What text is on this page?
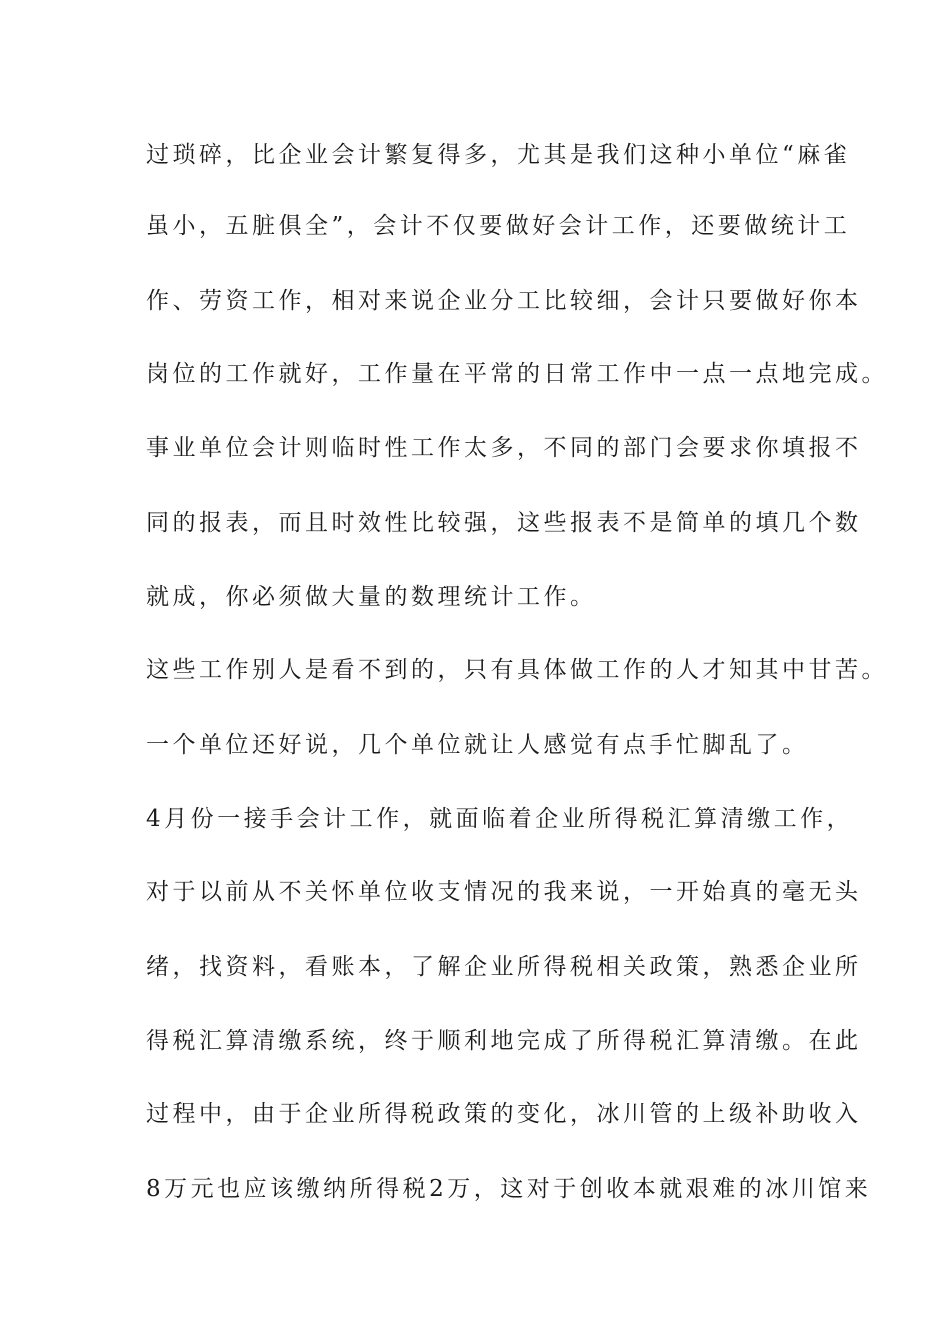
过琐碎，比企业会计繁复得多，尤其是我们这种小单位“麻雀
虽小，五脏俱全”，会计不仅要做好会计工作，还要做统计工
作、劳资工作，相对来说企业分工比较细，会计只要做好你本
岗位的工作就好，工作量在平常的日常工作中一点一点地完成。
事业单位会计则临时性工作太多，不同的部门会要求你填报不
同的报表，而且时效性比较强，这些报表不是简单的填几个数
就成，你必须做大量的数理统计工作。
这些工作别人是看不到的，只有具体做工作的人才知其中甘苦。
一个单位还好说，几个单位就让人感觉有点手忙脚乱了。
4月份一接手会计工作，就面临着企业所得税汇算清缴工作，
对于以前从不关怀单位收支情况的我来说，一开始真的毫无头
绪，找资料，看账本，了解企业所得税相关政策，熟悉企业所
得税汇算清缴系统，终于顺利地完成了所得税汇算清缴。在此
过程中，由于企业所得税政策的变化，冰川管的上级补助收入
8万元也应该缴纳所得税2万，这对于创收本就艰难的冰川馆来
